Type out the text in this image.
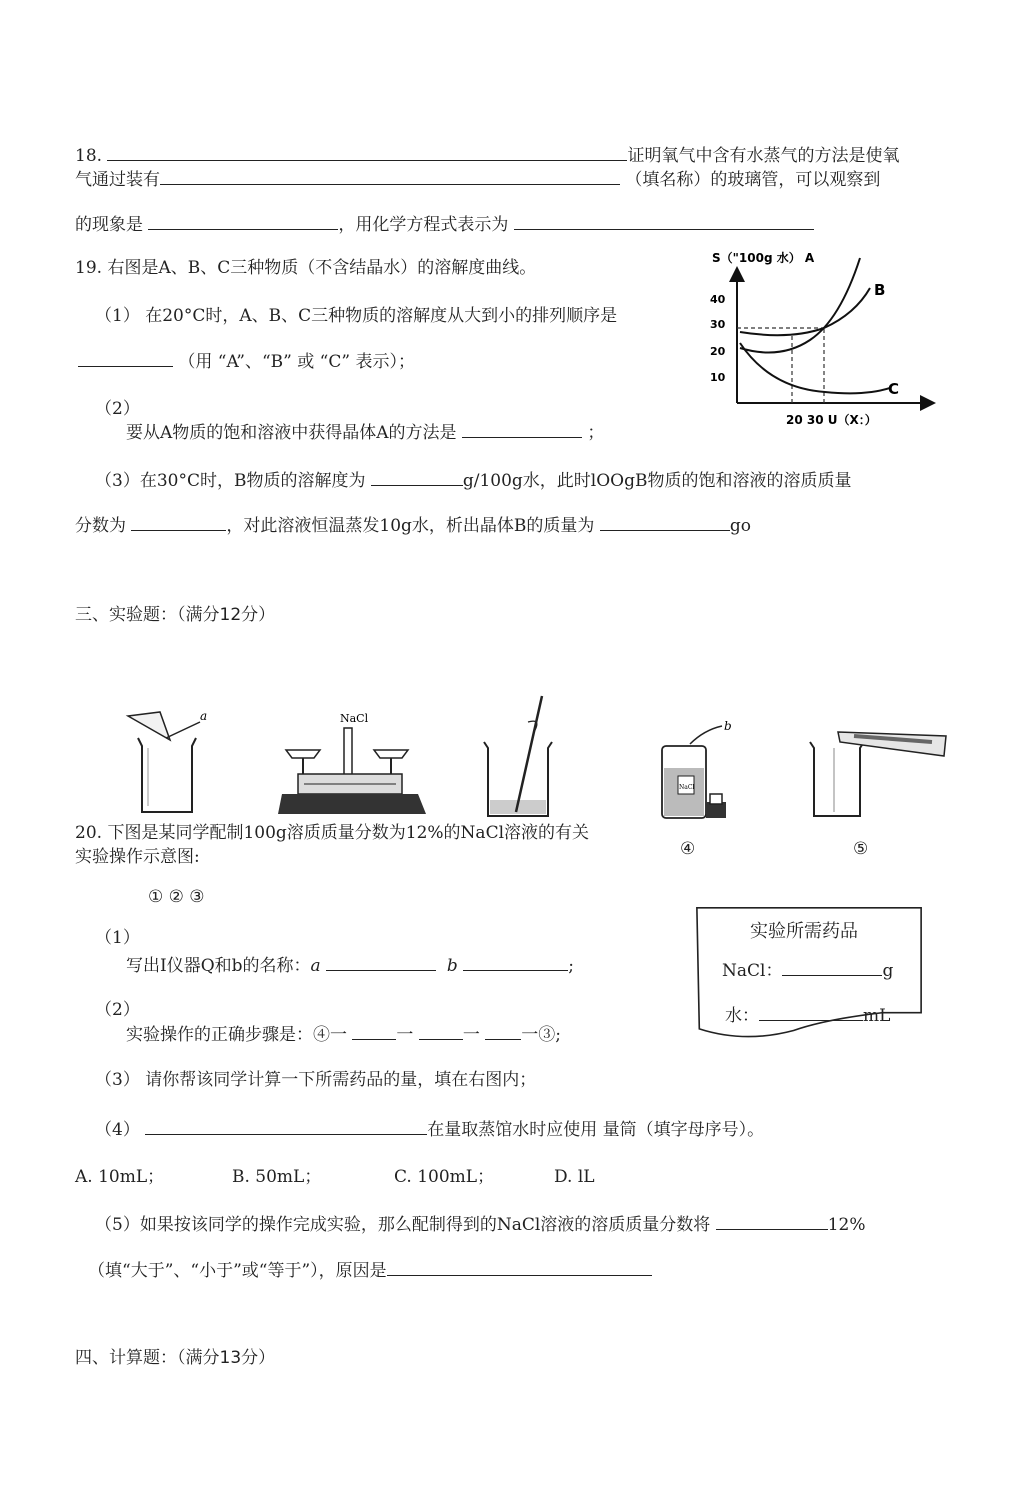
18.	证明氧气中含有水蒸气的方法是使氧
气通过装有	（填名称）的玻璃管，可以观察到
的现象是	，用化学方程式表示为
19. 右图是A、B、C三种物质（不含结晶水）的溶解度曲线。
（1） 在20°C时，A、B、C三种物质的溶解度从大到小的排列顺序是
（用 “A”、“B” 或 “C” 表示）；
（2）
要从A物质的饱和溶液中获得晶体A的方法是	；
（3）在30°C时，B物质的溶解度为	g/100g水，此时lOOgB物质的饱和溶液的溶质质量
分数为	，对此溶液恒温蒸发10g水，析出晶体B的质量为	go
S（"100g 水） A
40
30
20
10
B
C
20 30 U（X：）
三、实验题：（满分12分）
a	NaCl
b
NaCl
④	⑤
20. 下图是某同学配制100g溶质质量分数为12%的NaCl溶液的有关
实验操作示意图:
① ② ③
（1）
写出I仪器Q和b的名称：a	b	;
（2）
实验操作的正确步骤是：④一	一	一 一③;
（3） 请你帮该同学计算一下所需药品的量，填在右图内；
（4）	在量取蒸馆水时应使用 量筒（填字母序号）。
A. 10mL；	B. 50mL；	C. 100mL；	D. lL
（5）如果按该同学的操作完成实验，那么配制得到的NaCl溶液的溶质质量分数将	12%
（填“大于”、“小于”或“等于”），原因是
实验所需药品
NaCl：	g
水：	mL
四、计算题：（满分13分）
